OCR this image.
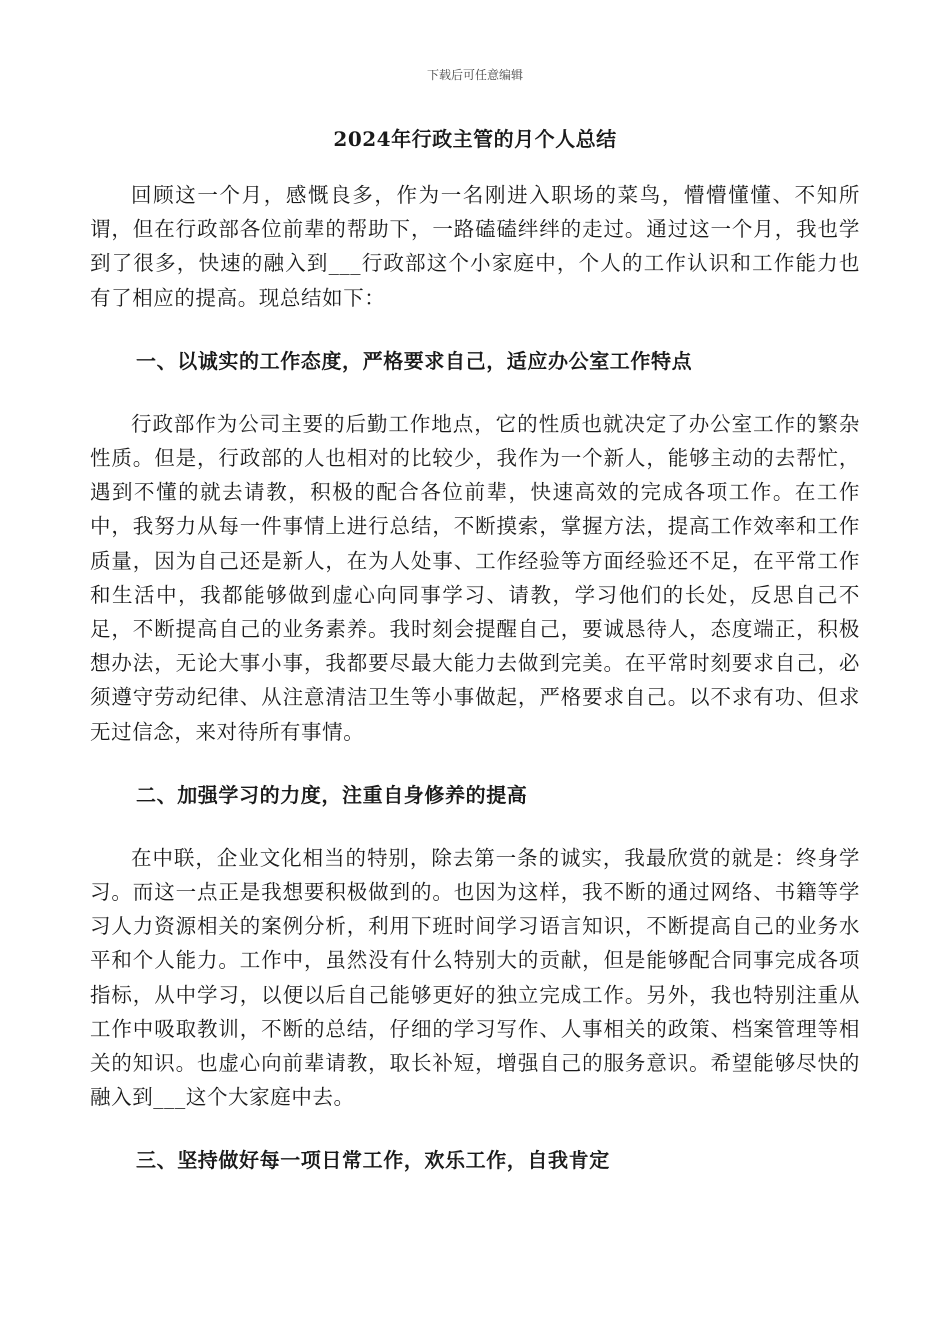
下载后可任意编辑
2024年行政主管的月个人总结

回顾这一个月，感慨良多，作为一名刚进入职场的菜鸟，懵懵懂懂、不知所谓，但在行政部各位前辈的帮助下，一路磕磕绊绊的走过。通过这一个月，我也学到了很多，快速的融入到___行政部这个小家庭中，个人的工作认识和工作能力也有了相应的提高。现总结如下：

一、以诚实的工作态度，严格要求自己，适应办公室工作特点

行政部作为公司主要的后勤工作地点，它的性质也就决定了办公室工作的繁杂性质。但是，行政部的人也相对的比较少，我作为一个新人，能够主动的去帮忙，遇到不懂的就去请教，积极的配合各位前辈，快速高效的完成各项工作。在工作中，我努力从每一件事情上进行总结，不断摸索，掌握方法，提高工作效率和工作质量，因为自己还是新人，在为人处事、工作经验等方面经验还不足，在平常工作和生活中，我都能够做到虚心向同事学习、请教，学习他们的长处，反思自己不足，不断提高自己的业务素养。我时刻会提醒自己，要诚恳待人，态度端正，积极想办法，无论大事小事，我都要尽最大能力去做到完美。在平常时刻要求自己，必须遵守劳动纪律、从注意清洁卫生等小事做起，严格要求自己。以不求有功、但求无过信念，来对待所有事情。

二、加强学习的力度，注重自身修养的提高

在中联，企业文化相当的特别，除去第一条的诚实，我最欣赏的就是：终身学习。而这一点正是我想要积极做到的。也因为这样，我不断的通过网络、书籍等学习人力资源相关的案例分析，利用下班时间学习语言知识，不断提高自己的业务水平和个人能力。工作中，虽然没有什么特别大的贡献，但是能够配合同事完成各项指标，从中学习，以便以后自己能够更好的独立完成工作。另外，我也特别注重从工作中吸取教训，不断的总结，仔细的学习写作、人事相关的政策、档案管理等相关的知识。也虚心向前辈请教，取长补短，增强自己的服务意识。希望能够尽快的融入到___这个大家庭中去。

三、坚持做好每一项日常工作，欢乐工作，自我肯定
